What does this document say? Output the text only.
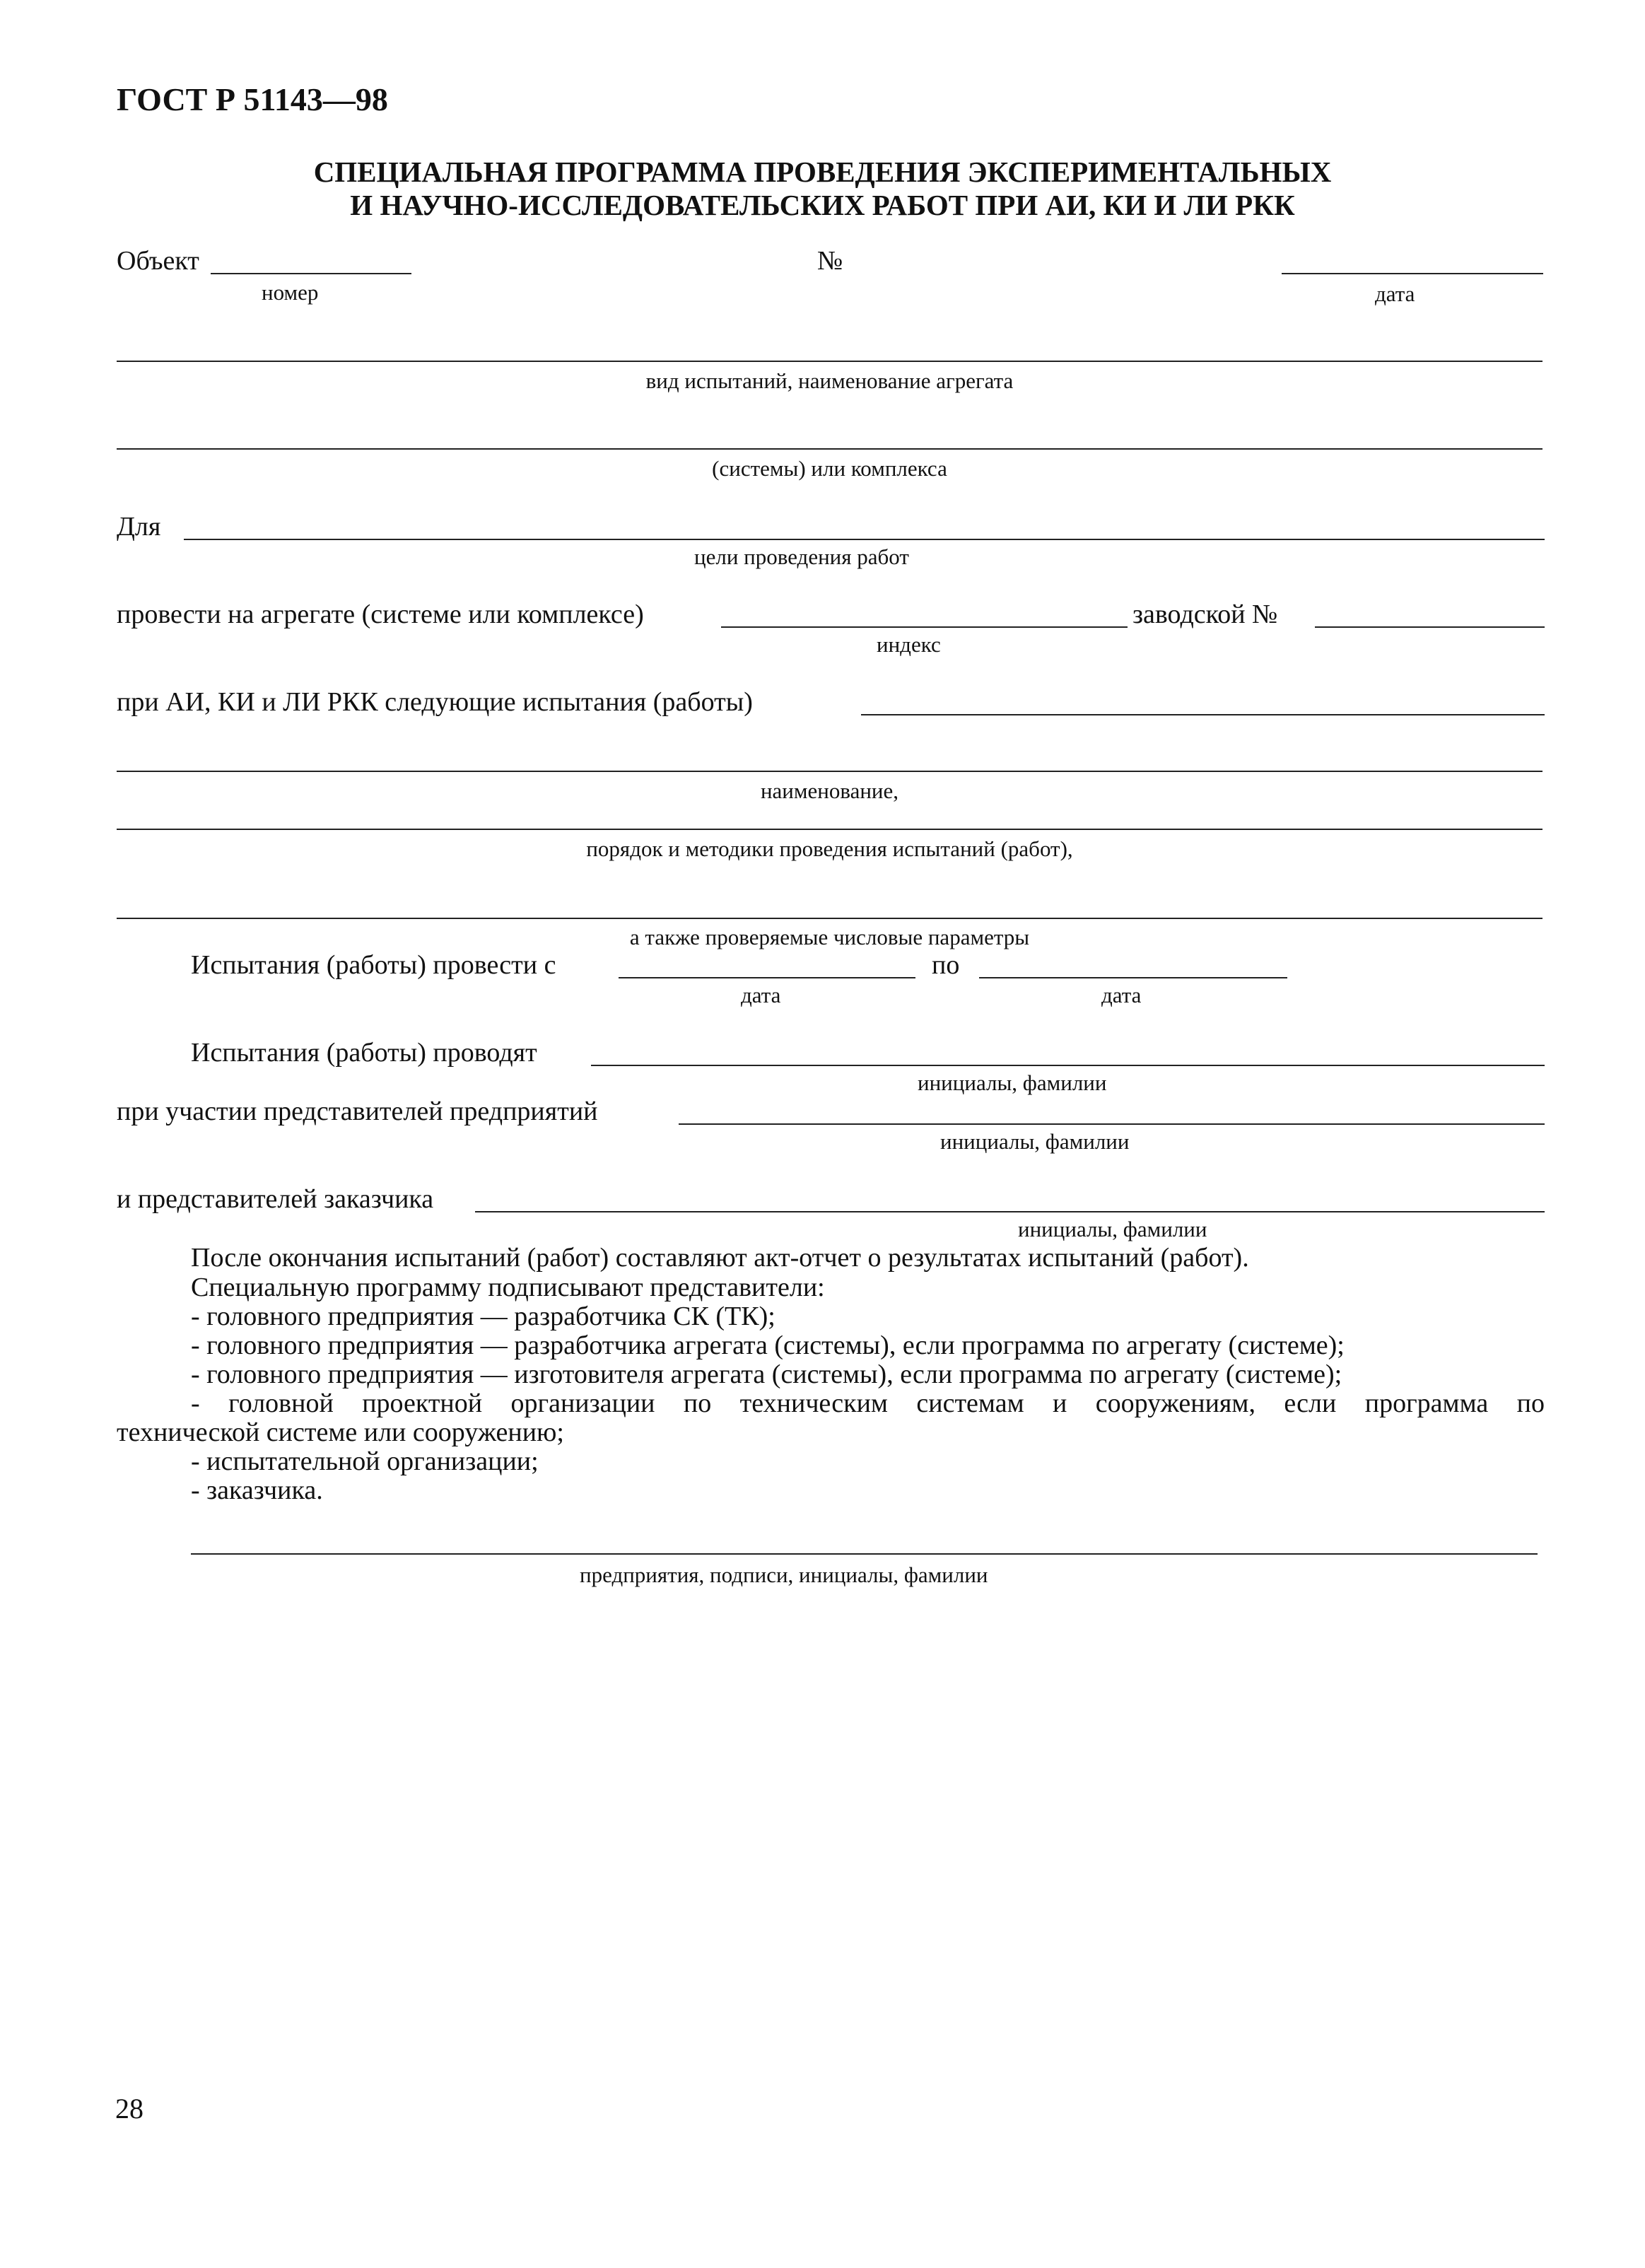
ГОСТ Р 51143—98
СПЕЦИАЛЬНАЯ ПРОГРАММА ПРОВЕДЕНИЯ ЭКСПЕРИМЕНТАЛЬНЫХ
И НАУЧНО-ИССЛЕДОВАТЕЛЬСКИХ РАБОТ ПРИ АИ, КИ И ЛИ РКК
Объект
номер
№
дата
вид испытаний, наименование агрегата
(системы) или комплекса
Для
цели проведения работ
провести на агрегате (системе или комплексе)
индекс
заводской №
при АИ, КИ и ЛИ РКК следующие испытания (работы)
наименование,
порядок и методики проведения испытаний (работ),
а также проверяемые числовые параметры
Испытания (работы) провести с
дата
по
дата
Испытания (работы) проводят
инициалы, фамилии
при участии представителей предприятий
инициалы, фамилии
и представителей заказчика
инициалы, фамилии
После окончания испытаний (работ) составляют акт-отчет о результатах испытаний (работ).
Специальную программу подписывают представители:
- головного предприятия — разработчика СК (ТК);
- головного предприятия — разработчика агрегата (системы), если программа по агрегату (системе);
- головного предприятия — изготовителя агрегата (системы), если программа по агрегату (системе);
- головной проектной организации по техническим системам и сооружениям, если программа по
технической системе или сооружению;
- испытательной организации;
- заказчика.
предприятия, подписи, инициалы, фамилии
28
